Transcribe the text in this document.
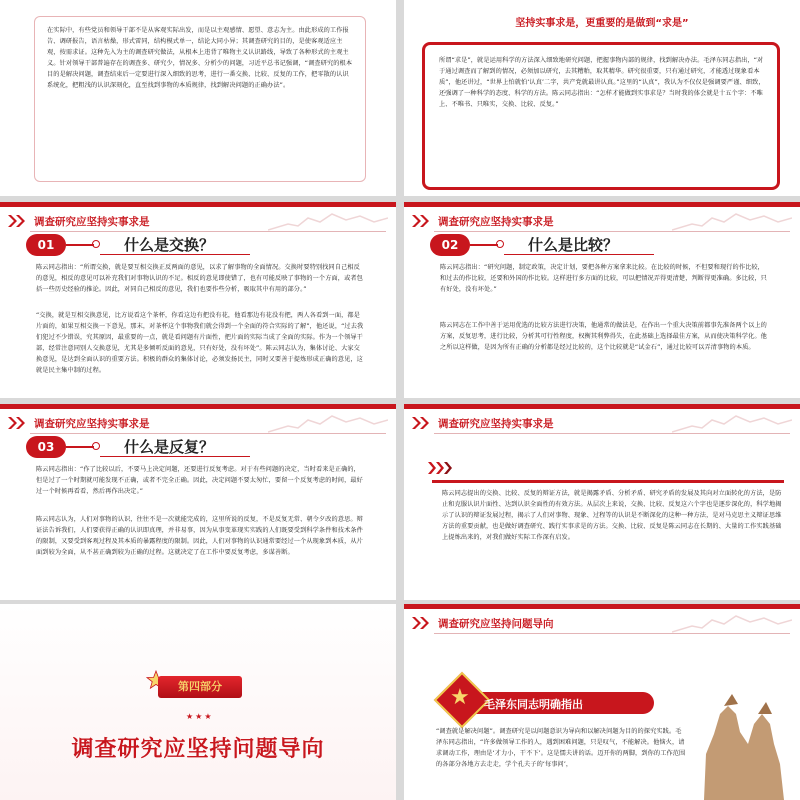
在实际中，有些党员和领导干部不是从客观实际出发，而是以主观感情、愿望、意志为主。由此形成的工作报告、调研报告，语言枯燥，形式雷同，结构模式单一，结论大同小异；其调查研究的目的，是使客观适应主观，按需求证。这种先入为主的调查研究做法，从根本上违背了唯物主义认识路线，导致了各种形式的主观主义。针对领导干部普遍存在的调查多、研究少，情况多、分析少的问题，习近平总书记强调，“调查研究的根本目的是解决问题，调查结束后一定要进行深入细致的思考，进行一番交换、比较、反复的工作，把零散的认识系统化，把粗浅的认识深刻化，直至找到事物的本质规律，找到解决问题的正确办法”。
坚持实事求是，更重要的是做到“求是”
所谓“求是”，就是运用科学的方法深入细致地研究问题，把握事物内部的规律，找到解决办法。毛泽东同志指出，“对于通过调查而了解到的情况，必须加以研究，去其糟粕，取其精华。研究很重要，只有通过研究，才能透过现象看本质”，他还讲过，“世界上怕就怕‘认真’二字，共产党就最讲认真。”这里的“认真”，我认为不仅仅是强调要严谨、细致，还强调了一种科学的态度、科学的方法。陈云同志指出：“怎样才能做到实事求是？当时我的体会就是十五个字：不唯上、不唯书、只唯实，交换、比较、反复。”
调查研究应坚持实事求是
01	什么是交换？
陈云同志指出：“所谓交换，就是要互相交换正反两面的意见，以求了解事物的全面情况。交换时要特别找同自己相反的意见，相反的意见可以补充我们对事物认识的不足。相反的意见即使错了，也有可能反映了事物的一个方面，或者包括一些历史经验的推论。因此，对同自己相反的意见，我们也要作些分析，吸取其中有用的部分。”
“交换，就是互相交换意见，比方说看这个茶杯，你看这边有把没有花，他看那边有花没有把，两人各看到一面，都是片面的，如果互相交换一下意见，那末，对茶杯这个事物我们就会得到一个全面的符合实际的了解”，他还说，“过去我们犯过不少错误，究其原因，最重要的一点，就是看问题有片面性，把片面的实际当成了全面的实际。作为一个领导干部，经常注意同别人交换意见，尤其是多倾听反面的意见，只有好处，没有坏处”。陈云同志认为，集体讨论、大家交换意见，是达到全面认识的重要方法。积极的群众的集体讨论，必须发扬民主，同时又要善于提炼形成正确的意见，这就是民主集中制的过程。
调查研究应坚持实事求是
02	什么是比较？
陈云同志指出：“研究问题，制定政策，决定计划，要把各种方案拿来比较。在比较的时候，不但要和现行的作比较，和过去的作比较，还要和外国的作比较。这样进行多方面的比较，可以把情况弄得更清楚，判断得更准确。多比较，只有好处，没有坏处。”
陈云同志在工作中善于运用优选的比较方法进行决策，他通常的做法是，在作出一个重大决策前都事先准备两个以上的方案，反复思考，进行比较，分析其可行性程度，权衡其利弊得失，在此基础上选择最佳方案，从而使决策科学化。他之所以这样做，是因为所有正确的分析都是经过比较的，这个比较就是“试金石”，通过比较可以弄清事物的本质。
调查研究应坚持实事求是
03	什么是反复？
陈云同志指出：“作了比较以后，不要马上决定问题，还要进行反复考虑。对于有些问题的决定，当时看来是正确的，但是过了一个时期就可能发现不正确，或者不完全正确。因此，决定问题不要太匆忙，要留一个反复考虑的时间，最好过一个时候再看看，然后再作出决定。”
陈云同志认为，人们对事物的认识，往往不是一次就能完成的，这里所说的反复，不是反复无常、朝令夕改的意思。辩证法告诉我们，人们要获得正确的认识即真理，并非易事，因为从事变革现实实践的人们既要受到科学条件和技术条件的限制，又要受到客观过程及其本质的暴露程度的限制。因此，人们对事物的认识通常要经过一个从现象到本质，从片面到较为全面，从不甚正确到较为正确的过程。这就决定了在工作中要反复考虑，多谋善断。
调查研究应坚持实事求是
陈云同志提出的交换、比较、反复的辩证方法，就是揭露矛盾、分析矛盾、研究矛盾的发展及其向对立面转化的方法，是防止和克服认识片面性、达到认识全面性的有效方法。从层次上来说，交换、比较、反复这六个字也是逐步深化的，科学地揭示了认识的辩证发展过程，揭示了人们对事物、现象、过程等的认识是不断深化的这种一种方法，是对马克思主义辩证思维方法的重要贡献，也是做好调查研究、践行实事求是的方法。交换、比较、反复是陈云同志在长期的、大量的工作实践基础上提炼出来的，对我们做好实际工作深有启发。
第四部分
★★★
调查研究应坚持问题导向
调查研究应坚持问题导向
★ 毛泽东同志明确指出
“调查就是解决问题”。调查研究是以问题意识为导向和以解决问题为目的的探究实践。毛泽东同志指出，“许多做领导工作的人，遇到困难问题，只是叹气，不能解决。他恼火，请求调动工作，理由是‘才力小，干不下’。这是懦夫讲的话。迈开你的两脚，到你的工作范围的各部分各地方去走走，学个孔夫子的‘每事问’，
